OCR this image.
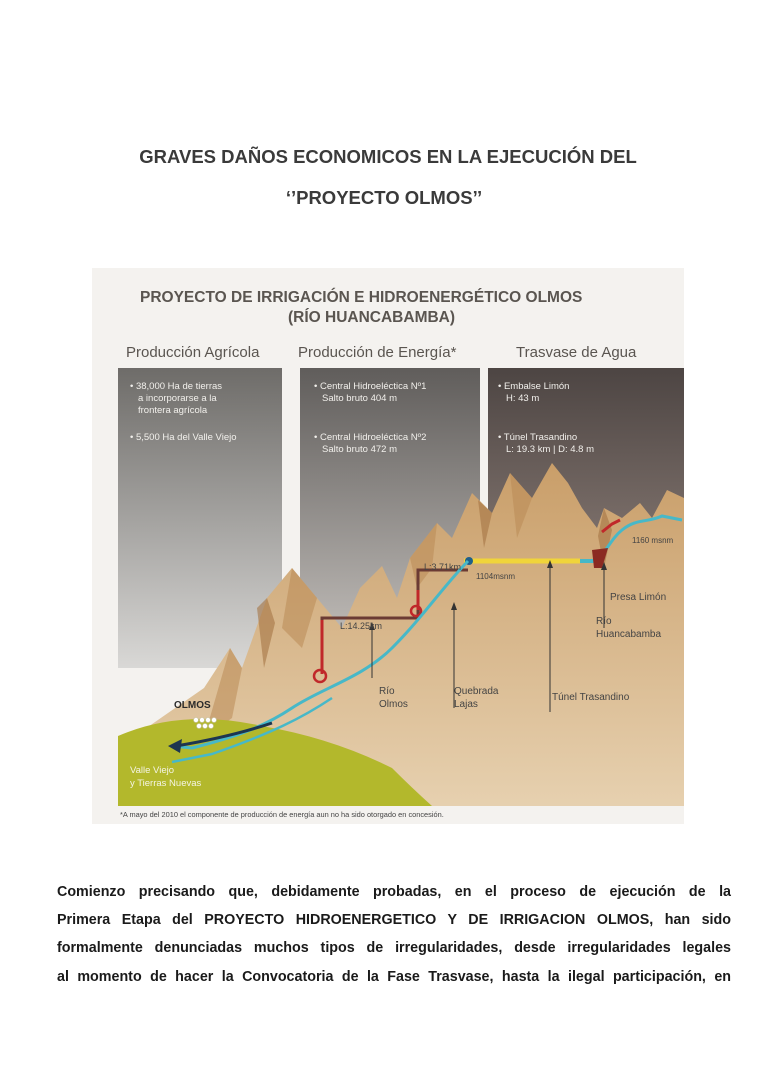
GRAVES DAÑOS ECONOMICOS EN LA EJECUCIÓN DEL
‘’PROYECTO OLMOS’’
PROYECTO DE IRRIGACIÓN E HIDROENERGÉTICO OLMOS
(RÍO HUANCABAMBA)
Producción Agrícola	Producción de Energía*	Trasvase de Agua
• 38,000 Ha de tierras
a incorporarse a la
frontera agrícola
• 5,500 Ha del Valle Viejo
• Central Hidroeléctica Nº1
Salto bruto 404 m
• Central Hidroeléctica Nº2
Salto bruto 472 m
• Embalse Limón
H: 43 m
• Túnel Trasandino
L: 19.3 km | D: 4.8 m
L:14.25km
L:3.71km
1104msnm
1160 msnm
Río
Olmos
Quebrada
Lajas
Túnel Trasandino
Presa Limón
Río
Huancabamba
OLMOS
Valle Viejo
y Tierras Nuevas
*A mayo del 2010 el componente de producción de energía aun no ha sido otorgado en concesión.
Comienzo precisando que, debidamente probadas, en el proceso de ejecución de la
Primera Etapa del PROYECTO HIDROENERGETICO Y DE IRRIGACION OLMOS, han sido
formalmente denunciadas muchos tipos de irregularidades, desde irregularidades legales
al momento de hacer la Convocatoria de la Fase Trasvase, hasta la ilegal participación, en
